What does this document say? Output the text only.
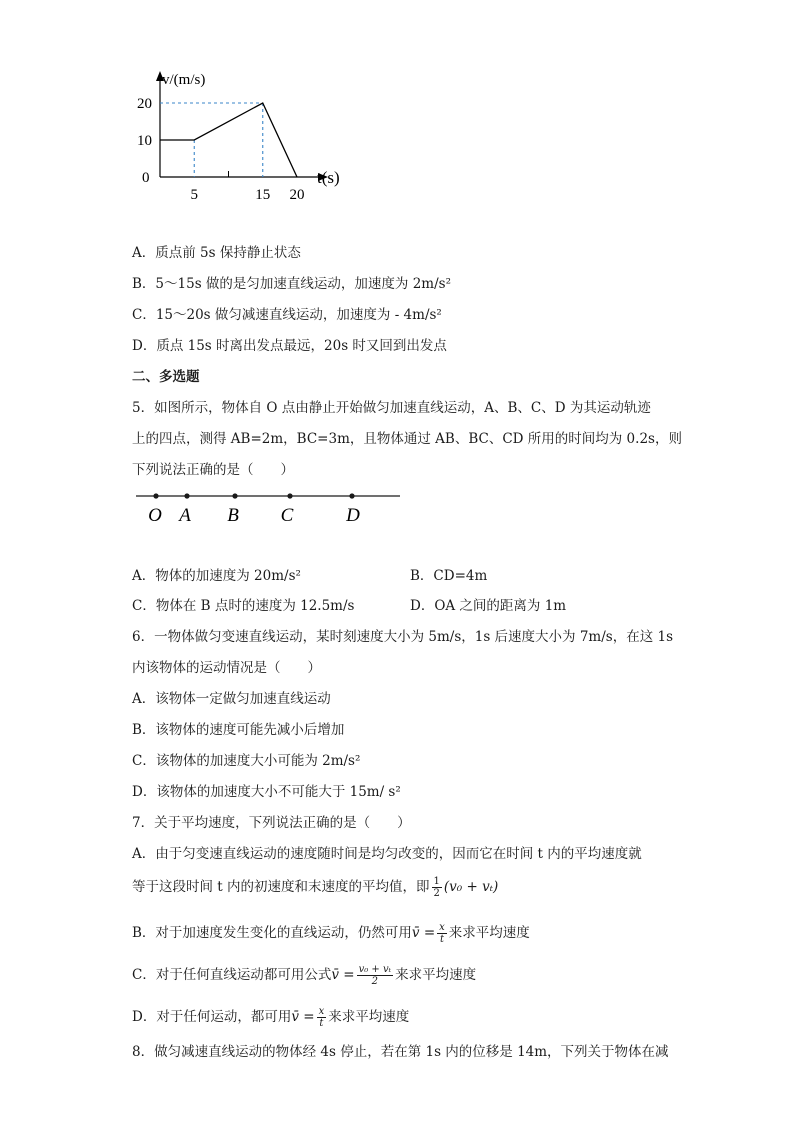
t(s)
v/(m/s)
0
5	15 20
10
20
A．质点前 5s 保持静止状态
B．5～15s 做的是匀加速直线运动，加速度为 2m/s²
C．15～20s 做匀减速直线运动，加速度为 - 4m/s²
D．质点 15s 时离出发点最远，20s 时又回到出发点
二、多选题
5．如图所示，物体自 O 点由静止开始做匀加速直线运动，A、B、C、D 为其运动轨迹
上的四点，测得 AB=2m，BC=3m，且物体通过 AB、BC、CD 所用的时间均为 0.2s，则
下列说法正确的是（　　）
O A B C	D
A．物体的加速度为 20m/s²	B．CD=4m
C．物体在 B 点时的速度为 12.5m/s	D．OA 之间的距离为 1m
6．一物体做匀变速直线运动，某时刻速度大小为 5m/s，1s 后速度大小为 7m/s，在这 1s
内该物体的运动情况是（　　）
A．该物体一定做匀加速直线运动
B．该物体的速度可能先减小后增加
C．该物体的加速度大小可能为 2m/s²
D．该物体的加速度大小不可能大于 15m/ s²
7．关于平均速度，下列说法正确的是（　　）
A．由于匀变速直线运动的速度随时间是均匀改变的，因而它在时间 t 内的平均速度就
等于这段时间 t 内的初速度和末速度的平均值，即 $\frac{1}{2} (v_0 + v_t)$
B．对于加速度发生变化的直线运动，仍然可用v̄ = $\frac{x}{t}$ 来求平均速度
C．对于任何直线运动都可用公式v̄ = $\frac{\text{v₀ + vₜ}}{2}$ 来求平均速度
D．对于任何运动，都可用v̄ = $\frac{x}{t}$ 来求平均速度
8．做匀减速直线运动的物体经 4s 停止，若在第 1s 内的位移是 14m，下列关于物体在减
